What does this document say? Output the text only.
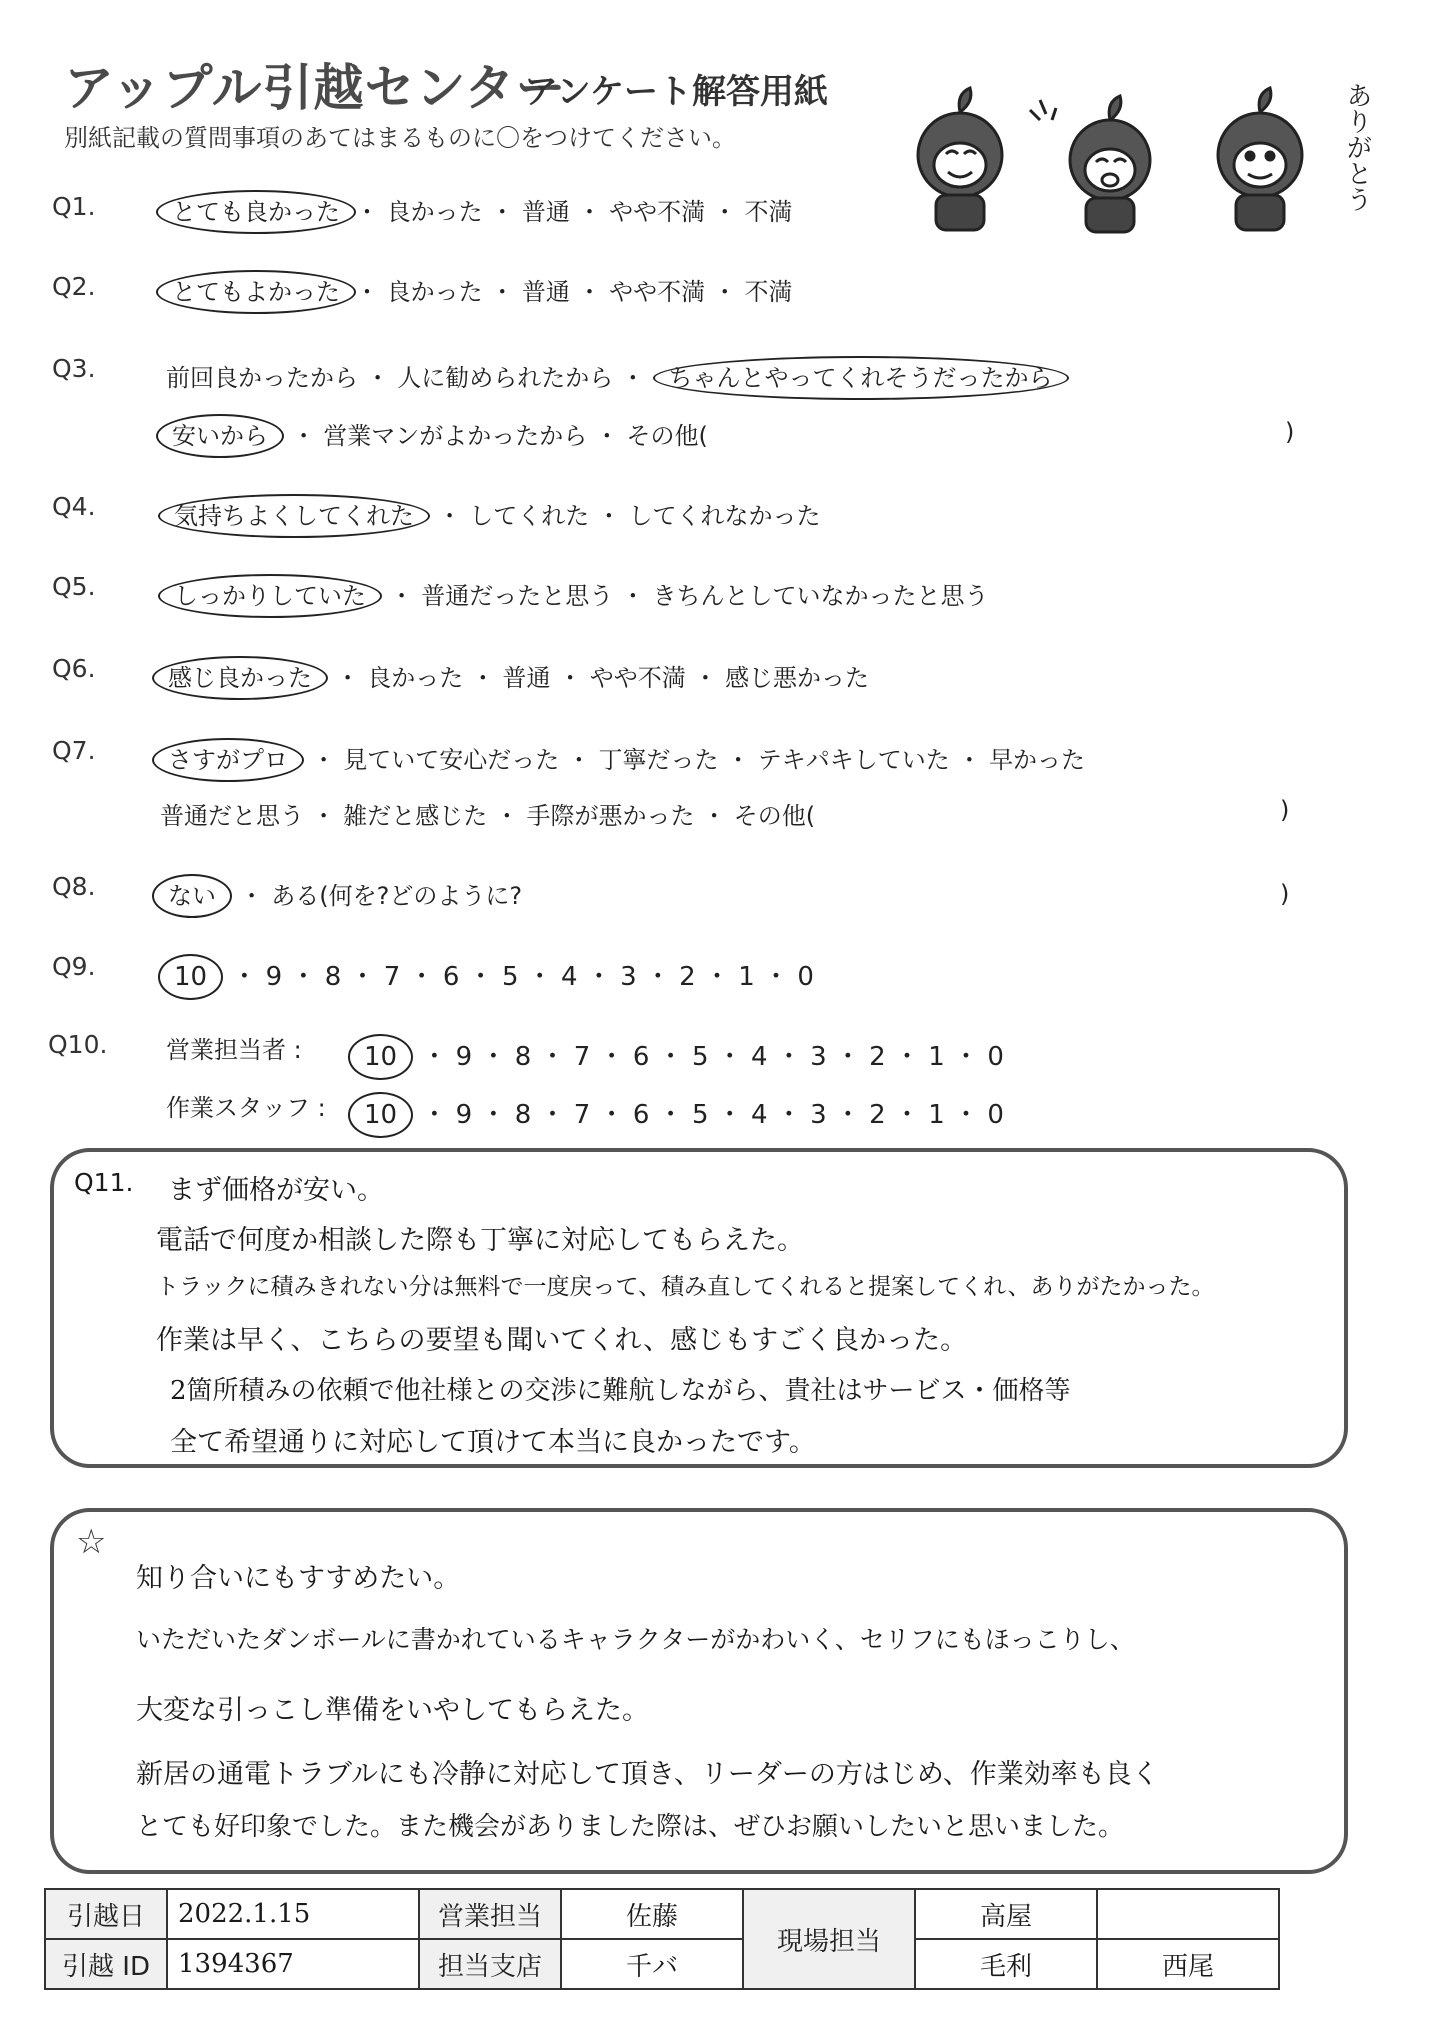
アップル引越センター
アンケート解答用紙
別紙記載の質問事項のあてはまるものに〇をつけてください。	ありがとう
Q1.	とても良かった ・ 良かった ・ 普通 ・ やや不満 ・ 不満
Q2.	とてもよかった ・ 良かった ・ 普通 ・ やや不満 ・ 不満
Q3.	前回良かったから ・ 人に勧められたから ・ ちゃんとやってくれそうだったから
安いから ・ 営業マンがよかったから ・ その他(	)
Q4.	気持ちよくしてくれた ・ してくれた ・ してくれなかった
Q5.	しっかりしていた ・ 普通だったと思う ・ きちんとしていなかったと思う
Q6.	感じ良かった ・ 良かった ・ 普通 ・ やや不満 ・ 感じ悪かった
Q7.	さすがプロ ・ 見ていて安心だった ・ 丁寧だった ・ テキパキしていた ・ 早かった
普通だと思う ・ 雑だと感じた ・ 手際が悪かった ・ その他(	)
Q8.	ない ・ ある(何を?どのように?	)
Q9.	10 ・ 9 ・ 8 ・ 7 ・ 6 ・ 5 ・ 4 ・ 3 ・ 2 ・ 1 ・ 0
Q10. 営業担当者 :	10 ・ 9 ・ 8 ・ 7 ・ 6 ・ 5 ・ 4 ・ 3 ・ 2 ・ 1 ・ 0
作業スタッフ :	10 ・ 9 ・ 8 ・ 7 ・ 6 ・ 5 ・ 4 ・ 3 ・ 2 ・ 1 ・ 0
Q11. まず価格が安い。
電話で何度か相談した際も丁寧に対応してもらえた。
トラックに積みきれない分は無料で一度戻って、積み直してくれると提案してくれ、ありがたかった。
作業は早く、こちらの要望も聞いてくれ、感じもすごく良かった。
2箇所積みの依頼で他社様との交渉に難航しながら、貴社はサービス・価格等
全て希望通りに対応して頂けて本当に良かったです。
☆
知り合いにもすすめたい。
いただいたダンボールに書かれているキャラクターがかわいく、セリフにもほっこりし、
大変な引っこし準備をいやしてもらえた。
新居の通電トラブルにも冷静に対応して頂き、リーダーの方はじめ、作業効率も良く
とても好印象でした。また機会がありました際は、ぜひお願いしたいと思いました。
引越日	2022.1.15	営業担当	佐藤	現場担当	高屋	
引越 ID	1394367	担当支店	千バ		毛利	西尾
